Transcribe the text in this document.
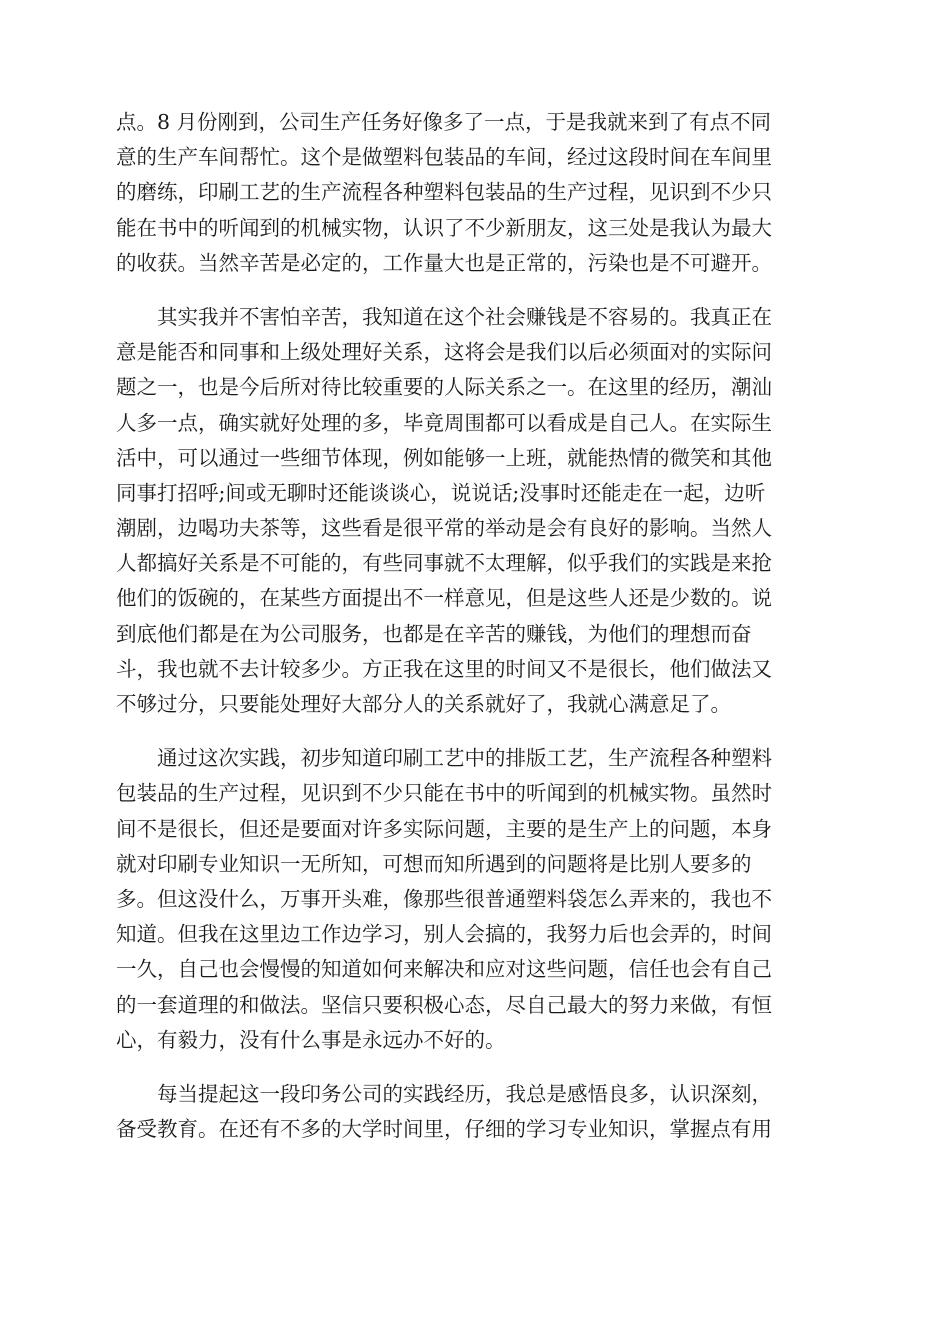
点。8 月份刚到，公司生产任务好像多了一点，于是我就来到了有点不同
意的生产车间帮忙。这个是做塑料包装品的车间，经过这段时间在车间里
的磨练，印刷工艺的生产流程各种塑料包装品的生产过程，见识到不少只
能在书中的听闻到的机械实物，认识了不少新朋友，这三处是我认为最大
的收获。当然辛苦是必定的，工作量大也是正常的，污染也是不可避开。
其实我并不害怕辛苦，我知道在这个社会赚钱是不容易的。我真正在
意是能否和同事和上级处理好关系，这将会是我们以后必须面对的实际问
题之一，也是今后所对待比较重要的人际关系之一。在这里的经历，潮汕
人多一点，确实就好处理的多，毕竟周围都可以看成是自己人。在实际生
活中，可以通过一些细节体现，例如能够一上班，就能热情的微笑和其他
同事打招呼;间或无聊时还能谈谈心，说说话;没事时还能走在一起，边听
潮剧，边喝功夫茶等，这些看是很平常的举动是会有良好的影响。当然人
人都搞好关系是不可能的，有些同事就不太理解，似乎我们的实践是来抢
他们的饭碗的，在某些方面提出不一样意见，但是这些人还是少数的。说
到底他们都是在为公司服务，也都是在辛苦的赚钱，为他们的理想而奋
斗，我也就不去计较多少。方正我在这里的时间又不是很长，他们做法又
不够过分，只要能处理好大部分人的关系就好了，我就心满意足了。
通过这次实践，初步知道印刷工艺中的排版工艺，生产流程各种塑料
包装品的生产过程，见识到不少只能在书中的听闻到的机械实物。虽然时
间不是很长，但还是要面对许多实际问题，主要的是生产上的问题，本身
就对印刷专业知识一无所知，可想而知所遇到的问题将是比别人要多的
多。但这没什么，万事开头难，像那些很普通塑料袋怎么弄来的，我也不
知道。但我在这里边工作边学习，别人会搞的，我努力后也会弄的，时间
一久，自己也会慢慢的知道如何来解决和应对这些问题，信任也会有自己
的一套道理的和做法。坚信只要积极心态，尽自己最大的努力来做，有恒
心，有毅力，没有什么事是永远办不好的。
每当提起这一段印务公司的实践经历，我总是感悟良多，认识深刻，
备受教育。在还有不多的大学时间里，仔细的学习专业知识，掌握点有用
